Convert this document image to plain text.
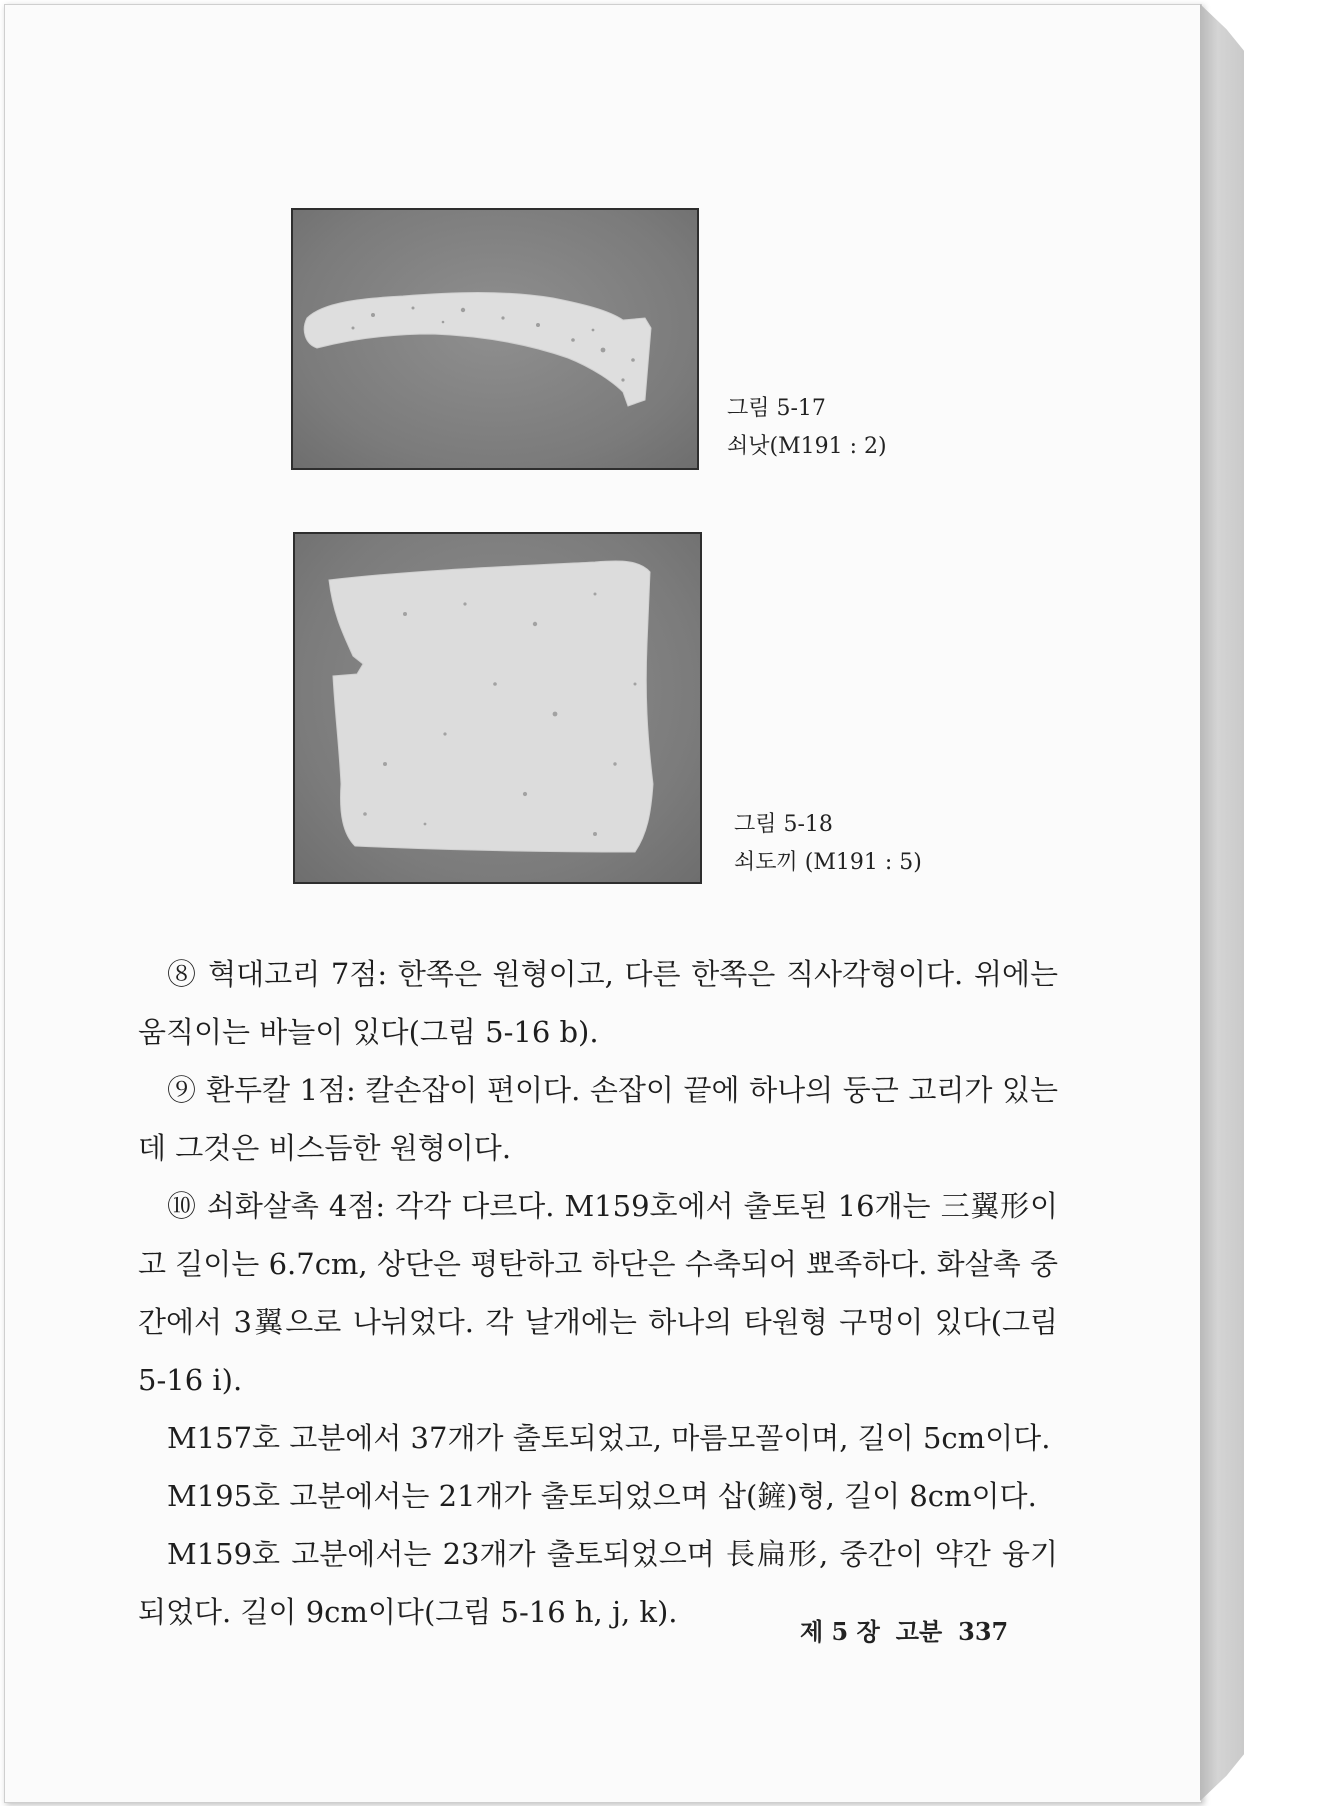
그림 5-17
쇠낫(M191 : 2)
그림 5-18
쇠도끼 (M191 : 5)

⑧ 혁대고리 7점: 한쪽은 원형이고, 다른 한쪽은 직사각형이다. 위에는 움직이는 바늘이 있다(그림 5-16 b).

⑨ 환두칼 1점: 칼손잡이 편이다. 손잡이 끝에 하나의 둥근 고리가 있는데 그것은 비스듬한 원형이다.

⑩ 쇠화살촉 4점: 각각 다르다. M159호에서 출토된 16개는 三翼形이고 길이는 6.7cm, 상단은 평탄하고 하단은 수축되어 뾰족하다. 화살촉 중간에서 3翼으로 나뉘었다. 각 날개에는 하나의 타원형 구멍이 있다(그림 5-16 i).

M157호 고분에서 37개가 출토되었고, 마름모꼴이며, 길이 5cm이다.

M195호 고분에서는 21개가 출토되었으며 삽(鏟)형, 길이 8cm이다.

M159호 고분에서는 23개가 출토되었으며 長扁形, 중간이 약간 융기되었다. 길이 9cm이다(그림 5-16 h, j, k).

제 5 장 고분 337
